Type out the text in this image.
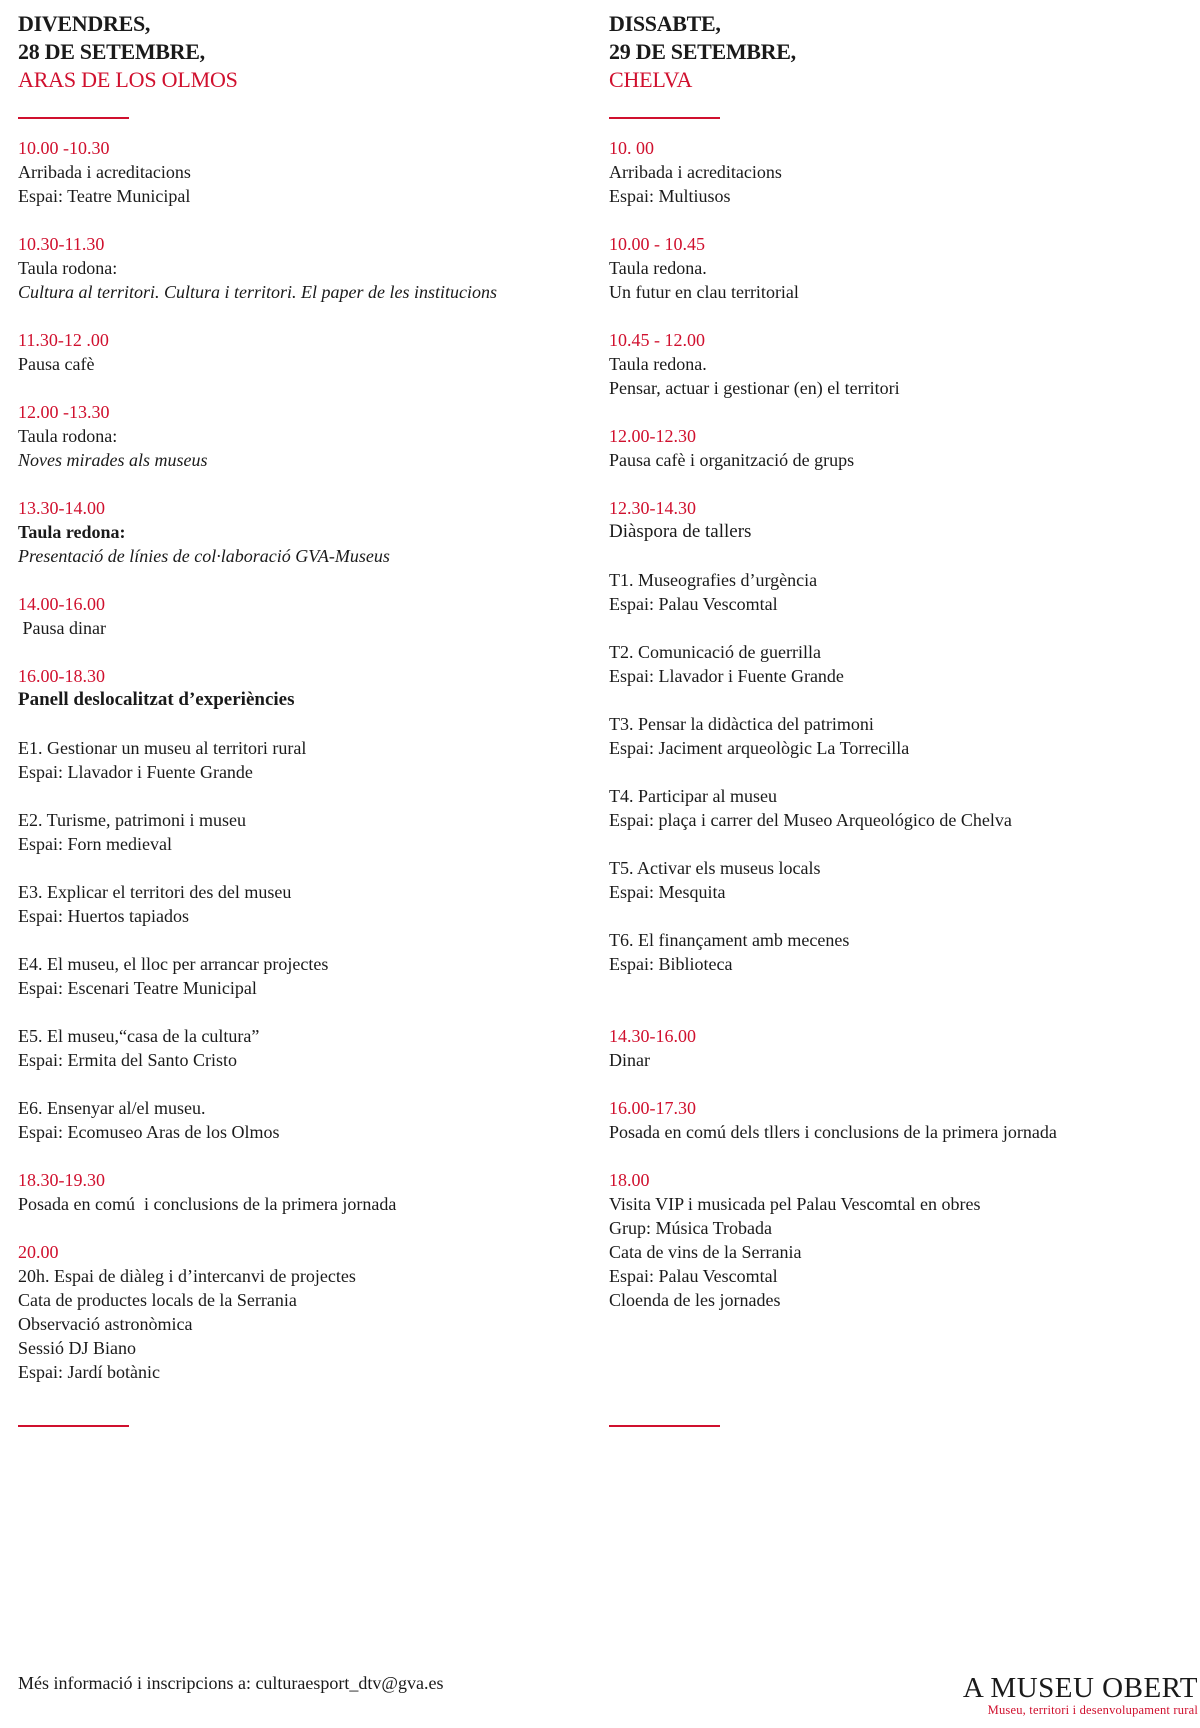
DIVENDRES,
28 DE SETEMBRE,
ARAS DE LOS OLMOS
10.00 -10.30
Arribada i acreditacions
Espai: Teatre Municipal
10.30-11.30
Taula rodona:
Cultura al territori. Cultura i territori. El paper de les institucions
11.30-12 .00
Pausa cafè
12.00 -13.30
Taula rodona:
Noves mirades als museus
13.30-14.00
Taula redona:
Presentació de línies de col·laboració GVA-Museus
14.00-16.00
Pausa dinar
16.00-18.30
Panell deslocalitzat d’experiències
E1. Gestionar un museu al territori rural
Espai: Llavador i Fuente Grande
E2. Turisme, patrimoni i museu
Espai: Forn medieval
E3. Explicar el territori des del museu
Espai: Huertos tapiados
E4. El museu, el lloc per arrancar projectes
Espai: Escenari Teatre Municipal
E5. El museu,“casa de la cultura”
Espai: Ermita del Santo Cristo
E6. Ensenyar al/el museu.
Espai: Ecomuseo Aras de los Olmos
18.30-19.30
Posada en comú  i conclusions de la primera jornada
20.00
20h. Espai de diàleg i d’intercanvi de projectes
Cata de productes locals de la Serrania
Observació astronòmica
Sessió DJ Biano
Espai: Jardí botànic
DISSABTE,
29 DE SETEMBRE,
CHELVA
10. 00
Arribada i acreditacions
Espai: Multiusos
10.00 - 10.45
Taula redona.
Un futur en clau territorial
10.45 - 12.00
Taula redona.
Pensar, actuar i gestionar (en) el territori
12.00-12.30
Pausa cafè i organització de grups
12.30-14.30
Diàspora de tallers
T1. Museografies d’urgència
Espai: Palau Vescomtal
T2. Comunicació de guerrilla
Espai: Llavador i Fuente Grande
T3. Pensar la didàctica del patrimoni
Espai: Jaciment arqueològic La Torrecilla
T4. Participar al museu
Espai: plaça i carrer del Museo Arqueológico de Chelva
T5. Activar els museus locals
Espai: Mesquita
T6. El finançament amb mecenes
Espai: Biblioteca
14.30-16.00
Dinar
16.00-17.30
Posada en comú dels tllers i conclusions de la primera jornada
18.00
Visita VIP i musicada pel Palau Vescomtal en obres
Grup: Música Trobada
Cata de vins de la Serrania
Espai: Palau Vescomtal
Cloenda de les jornades
Més informació i inscripcions a: culturaesport_dtv@gva.es	A MUSEU OBERT
Museu, territori i desenvolupament rural
